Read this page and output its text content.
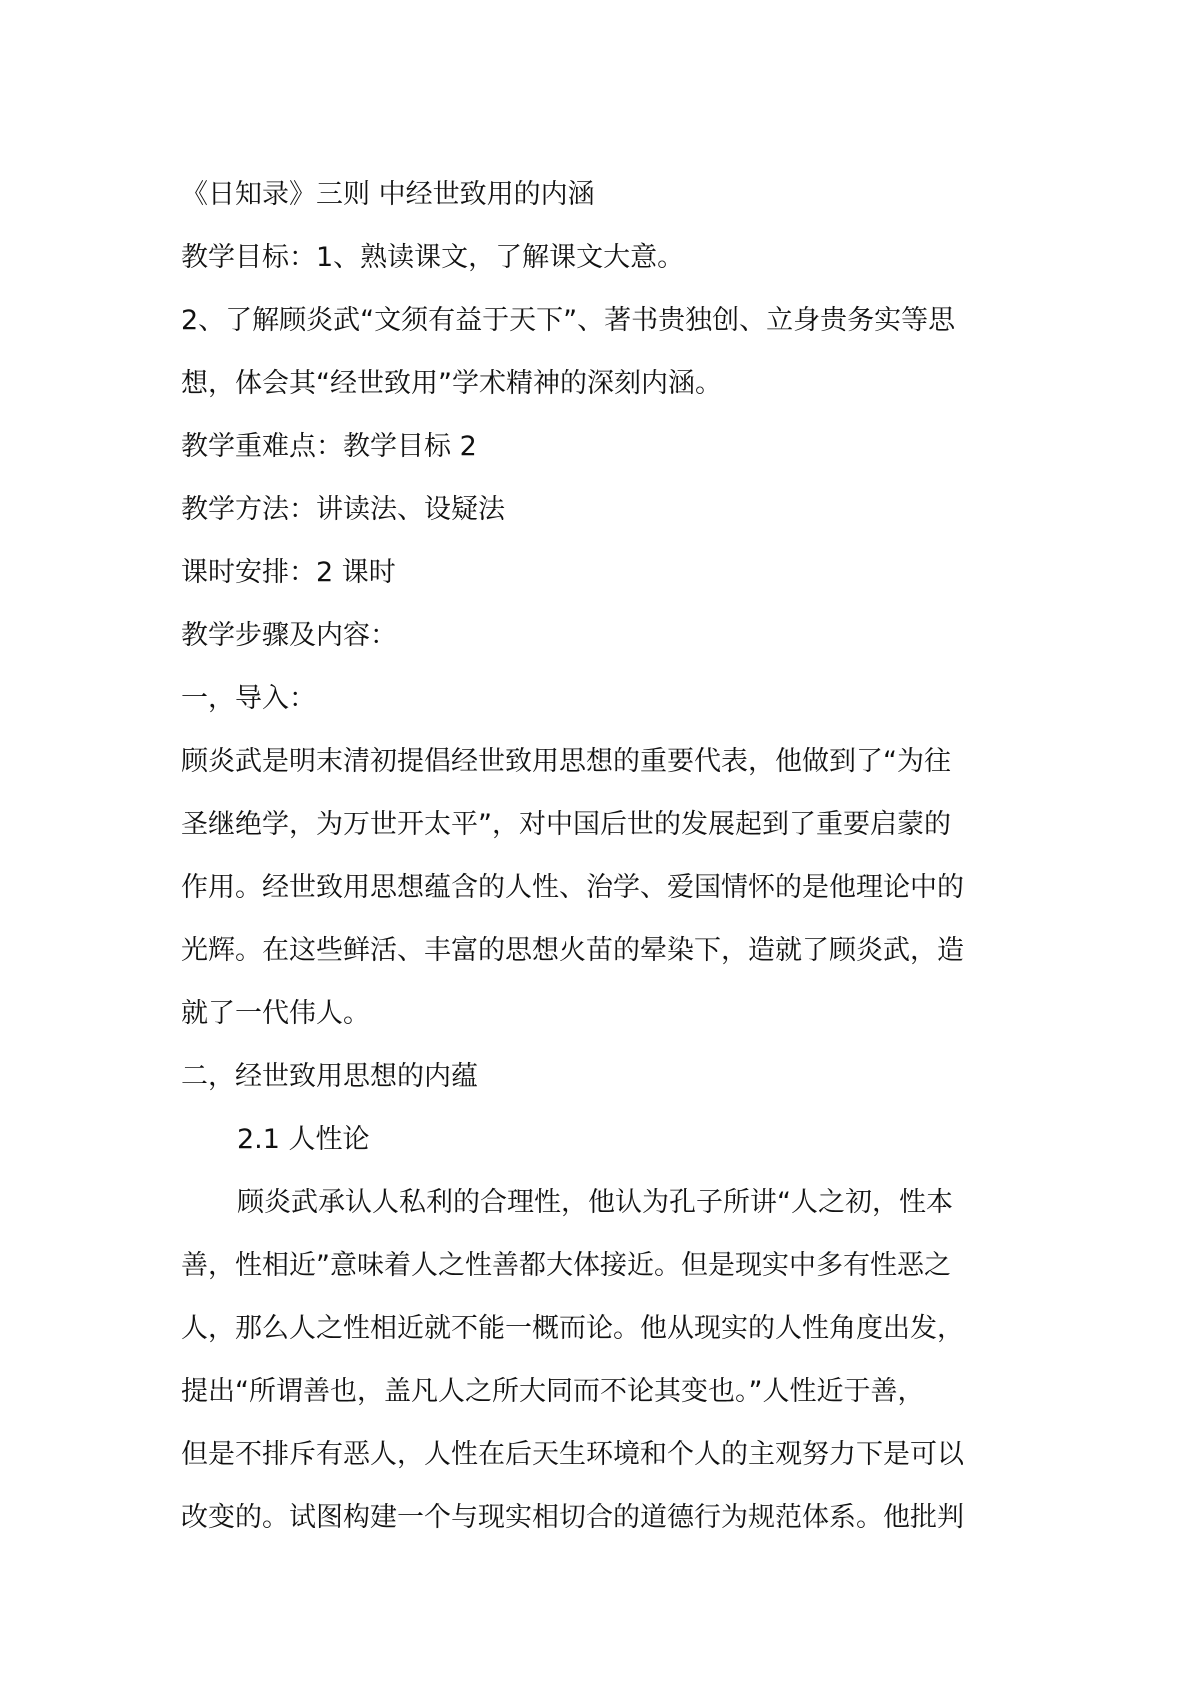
《日知录》三则 中经世致用的内涵
教学目标：1、熟读课文，了解课文大意。
2、了解顾炎武“文须有益于天下”、著书贵独创、立身贵务实等思
想，体会其“经世致用”学术精神的深刻内涵。
教学重难点：教学目标 2
教学方法：讲读法、设疑法
课时安排：2 课时
教学步骤及内容：
一，导入：
顾炎武是明末清初提倡经世致用思想的重要代表，他做到了“为往
圣继绝学，为万世开太平”，对中国后世的发展起到了重要启蒙的
作用。经世致用思想蕴含的人性、治学、爱国情怀的是他理论中的
光辉。在这些鲜活、丰富的思想火苗的晕染下，造就了顾炎武，造
就了一代伟人。
二，经世致用思想的内蕴
2.1 人性论
顾炎武承认人私利的合理性，他认为孔子所讲“人之初，性本
善，性相近”意味着人之性善都大体接近。但是现实中多有性恶之
人，那么人之性相近就不能一概而论。他从现实的人性角度出发，
提出“所谓善也，盖凡人之所大同而不论其变也。”人性近于善，
但是不排斥有恶人，人性在后天生环境和个人的主观努力下是可以
改变的。试图构建一个与现实相切合的道德行为规范体系。他批判
